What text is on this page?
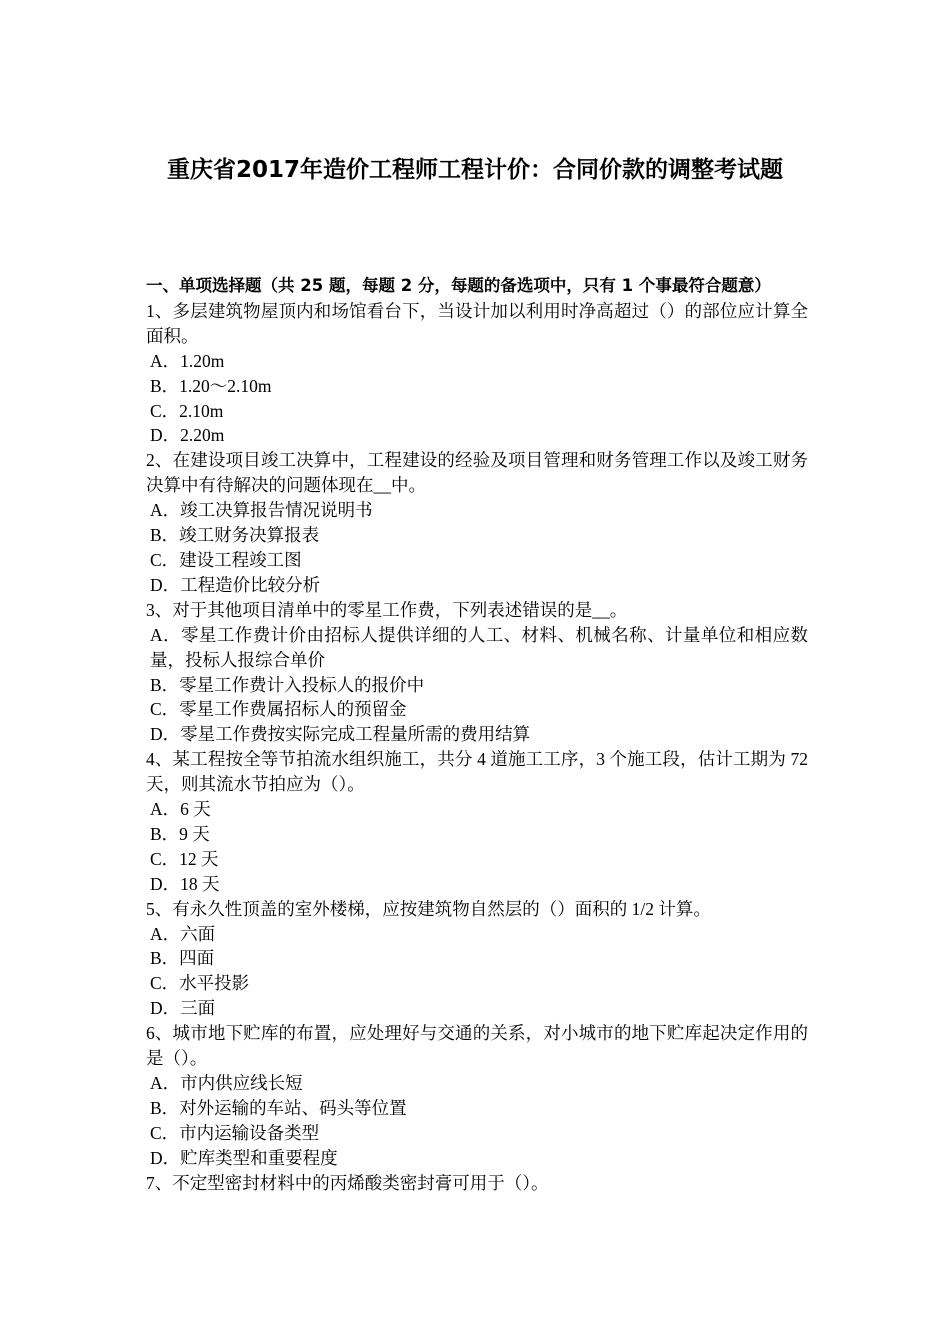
重庆省2017年造价工程师工程计价：合同价款的调整考试题
一、单项选择题（共 25 题，每题 2 分，每题的备选项中，只有 1 个事最符合题意）
1、多层建筑物屋顶内和场馆看台下，当设计加以利用时净高超过（）的部位应计算全面积。
A．1.20m
B．1.20～2.10m
C．2.10m
D．2.20m
2、在建设项目竣工决算中，工程建设的经验及项目管理和财务管理工作以及竣工财务决算中有待解决的问题体现在__中。
A．竣工决算报告情况说明书
B．竣工财务决算报表
C．建设工程竣工图
D．工程造价比较分析
3、对于其他项目清单中的零星工作费，下列表述错误的是__。
A．零星工作费计价由招标人提供详细的人工、材料、机械名称、计量单位和相应数量，投标人报综合单价
B．零星工作费计入投标人的报价中
C．零星工作费属招标人的预留金
D．零星工作费按实际完成工程量所需的费用结算
4、某工程按全等节拍流水组织施工，共分 4 道施工工序，3 个施工段，估计工期为 72 天，则其流水节拍应为（）。
A．6 天
B．9 天
C．12 天
D．18 天
5、有永久性顶盖的室外楼梯，应按建筑物自然层的（）面积的 1/2 计算。
A．六面
B．四面
C．水平投影
D．三面
6、城市地下贮库的布置，应处理好与交通的关系，对小城市的地下贮库起决定作用的是（）。
A．市内供应线长短
B．对外运输的车站、码头等位置
C．市内运输设备类型
D．贮库类型和重要程度
7、不定型密封材料中的丙烯酸类密封膏可用于（）。
